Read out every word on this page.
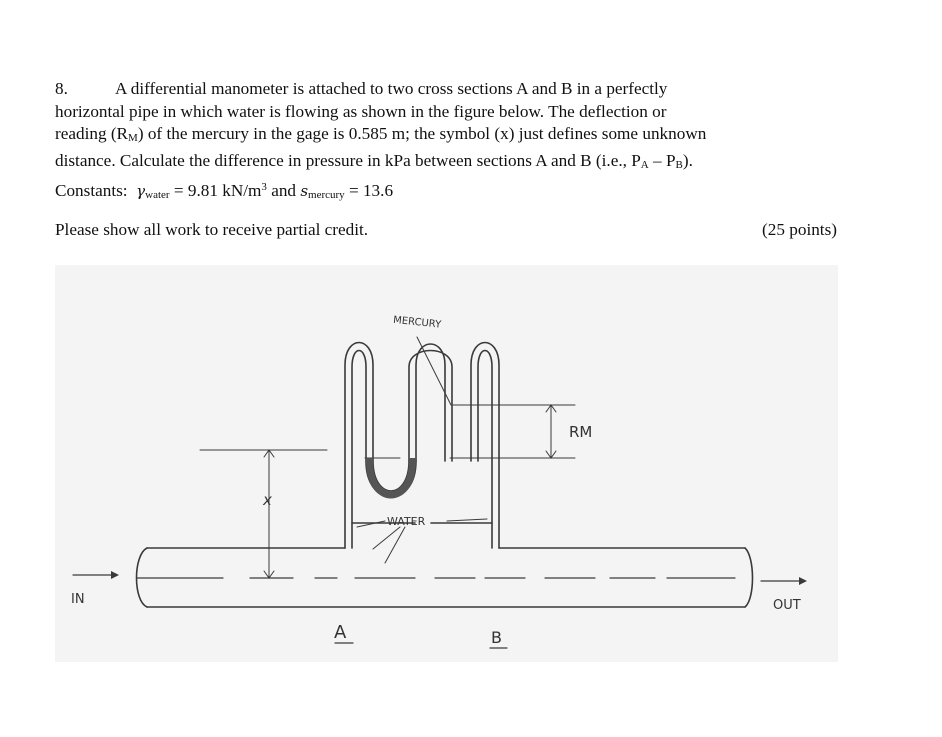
8.	A differential manometer is attached to two cross sections A and B in a perfectly
horizontal pipe in which water is flowing as shown in the figure below. The deflection or
reading $(R_M)$ of the mercury in the gage is 0.585 m; the symbol (x) just defines some unknown
distance. Calculate the difference in pressure in kPa between sections A and B (i.e., $P_A - P_B$).
Constants: $\gamma_{water} = 9.81$ $kN/m^3$ and $s_{mercury} = 13.6$
Please show all work to receive partial credit.	(25 points)
MERCURY
RM
x
WATER
IN	OUT
A	B
